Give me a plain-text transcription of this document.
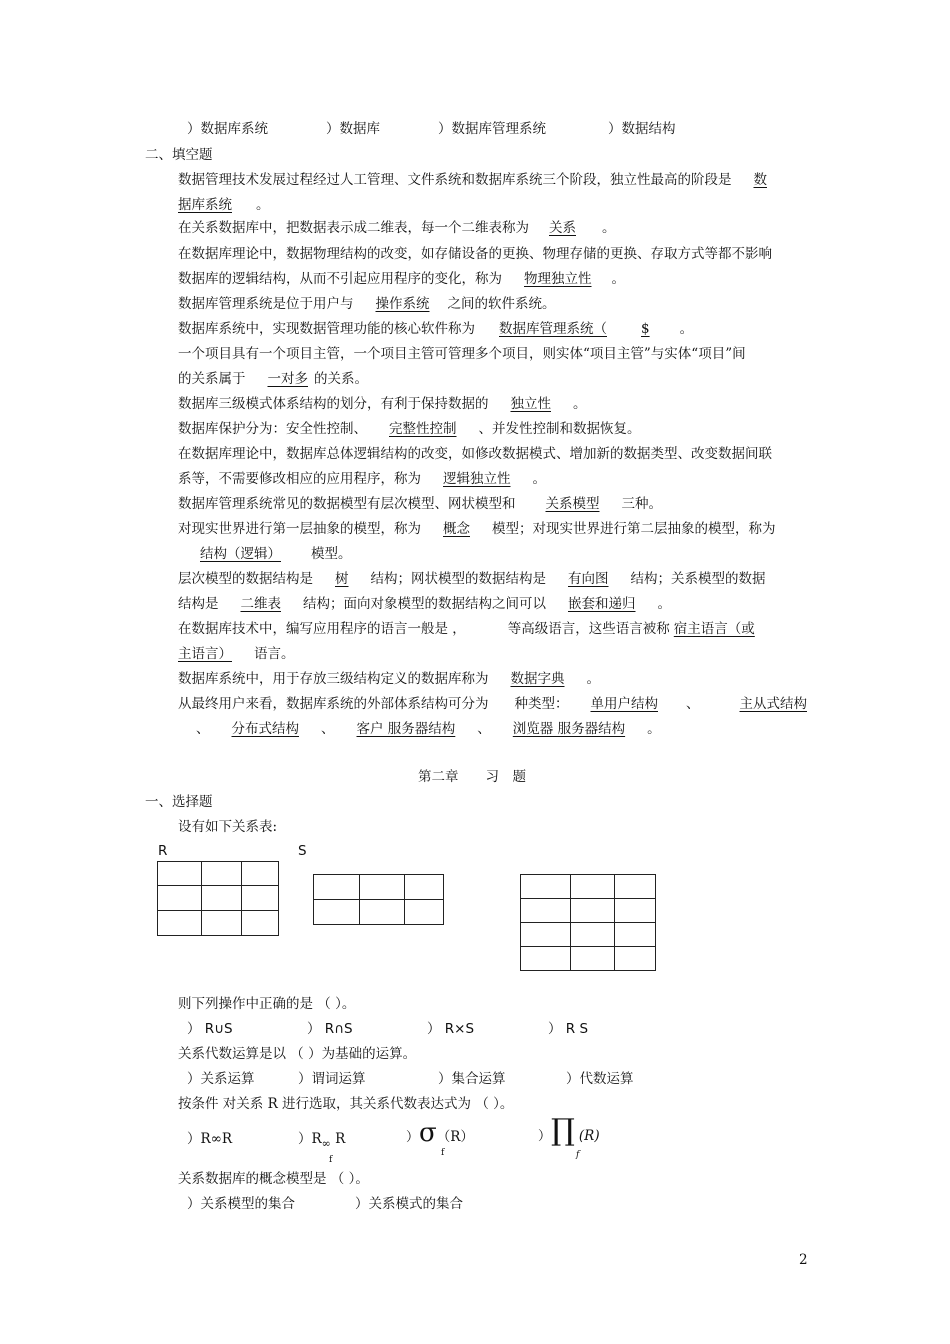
）数据库系统	）数据库	）数据库管理系统	）数据结构
二、填空题
数据管理技术发展过程经过人工管理、文件系统和数据库系统三个阶段，独立性最高的阶段是 数
据库系统 。
在关系数据库中，把数据表示成二维表，每一个二维表称为 关系 。
在数据库理论中，数据物理结构的改变，如存储设备的更换、物理存储的更换、存取方式等都不影响
数据库的逻辑结构，从而不引起应用程序的变化，称为 物理独立性 。
数据库管理系统是位于用户与 操作系统 之间的软件系统。
数据库系统中，实现数据管理功能的核心软件称为 数据库管理系统（	$ 。
一个项目具有一个项目主管，一个项目主管可管理多个项目，则实体“项目主管”与实体“项目”间
的关系属于 一对多 的关系。
数据库三级模式体系结构的划分，有利于保持数据的 独立性 。
数据库保护分为：安全性控制、 完整性控制 、并发性控制和数据恢复。
在数据库理论中，数据库总体逻辑结构的改变，如修改数据模式、增加新的数据类型、改变数据间联
系等，不需要修改相应的应用程序，称为 逻辑独立性 。
数据库管理系统常见的数据模型有层次模型、网状模型和 关系模型 三种。
对现实世界进行第一层抽象的模型，称为 概念 模型；对现实世界进行第二层抽象的模型，称为
结构（逻辑） 模型。
层次模型的数据结构是 树 结构；网状模型的数据结构是 有向图 结构；关系模型的数据
结构是 二维表 结构；面向对象模型的数据结构之间可以 嵌套和递归 。
在数据库技术中，编写应用程序的语言一般是 ，	等高级语言，这些语言被称 宿主语言（或
主语言） 语言。
数据库系统中，用于存放三级结构定义的数据库称为 数据字典 。
从最终用户来看，数据库系统的外部体系结构可分为 种类型： 单用户结构 、	主从式结构
、 分布式结构 、 客户 服务器结构 、 浏览器 服务器结构 。
第二章　　习　题
一、选择题
设有如下关系表:
R	S

则下列操作中正确的是 （ ）。
） R∪S	） R∩S	） R×S	） R S
关系代数运算是以 （ ）为基础的运算。
）关系运算	）谓词运算	）集合运算	）代数运算
按条件 对关系 R 进行选取，其关系代数表达式为 （ ）。
）R∞R	）$R_\infty$ R
f
）σ（R）
f
）∏ (R)
f
关系数据库的概念模型是 （ ）。
）关系模型的集合	）关系模式的集合
2
